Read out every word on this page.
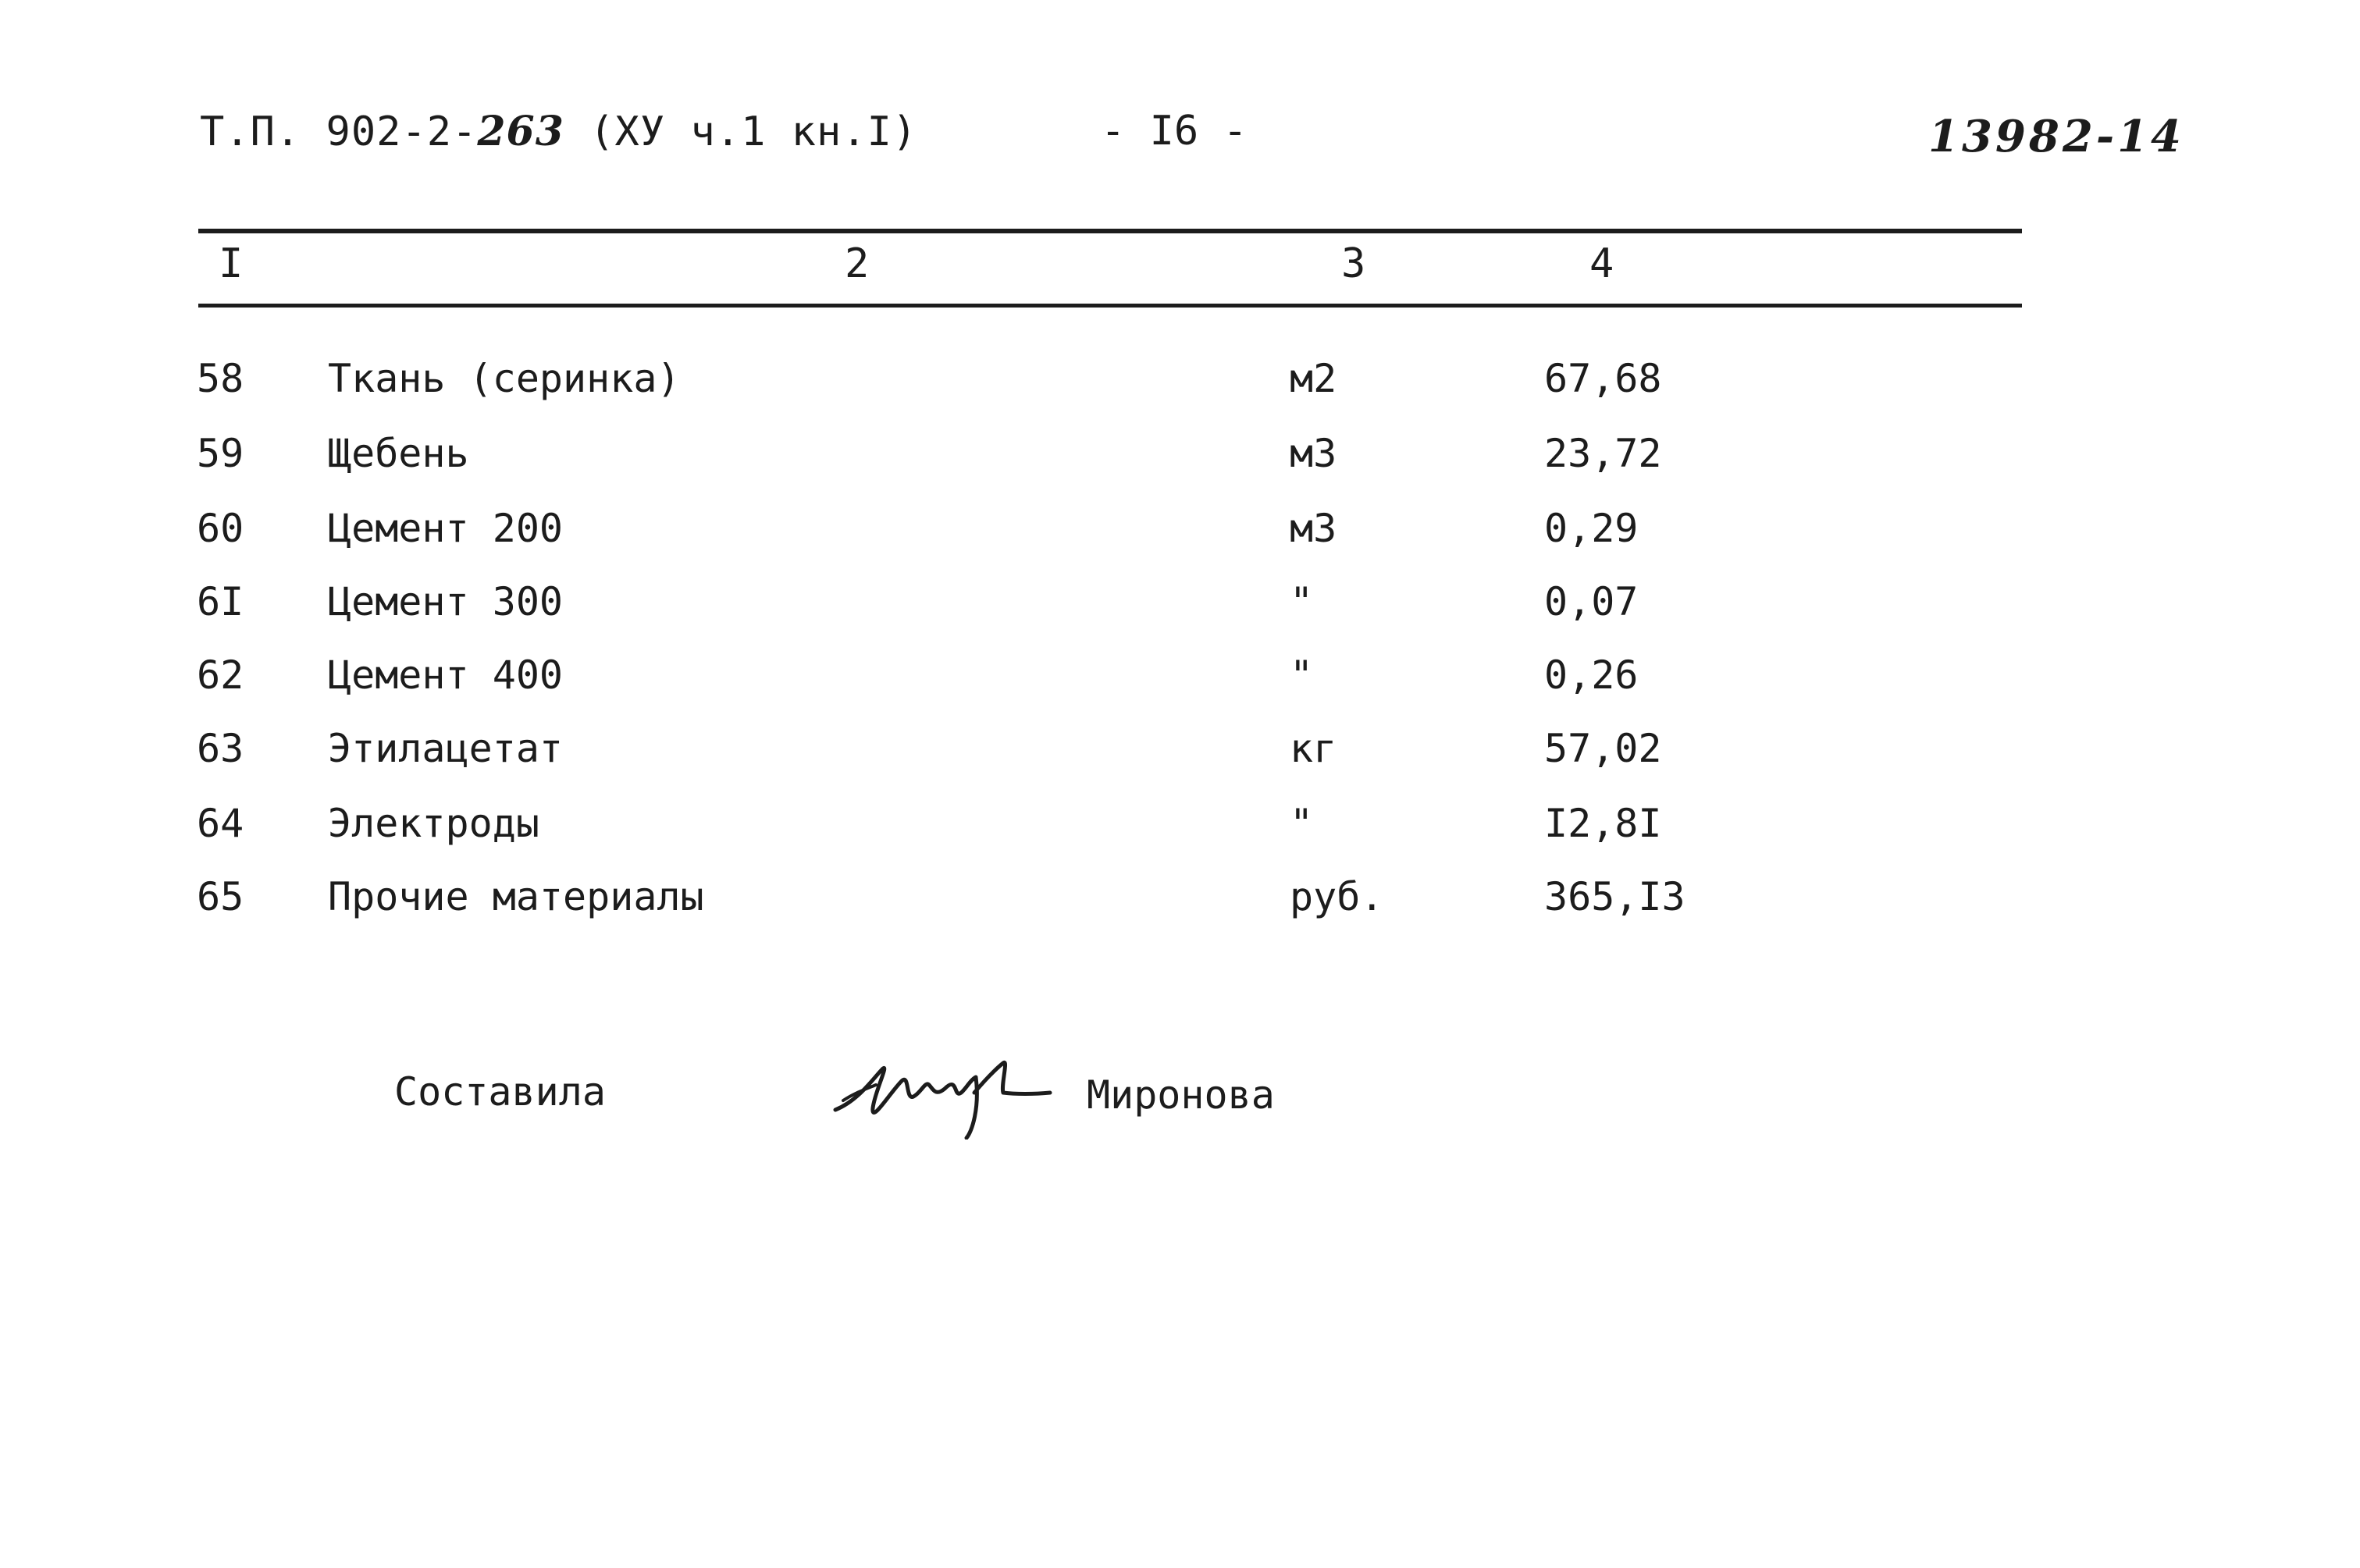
Т.П. 902-2-263 (ХУ ч.1 кн.I)	- I6 -	13982-14
I	2	3	4
58 Ткань (серинка)	м2	67,68
59 Щебень	м3	23,72
60 Цемент 200	м3	0,29
6I Цемент 300	"	0,07
62 Цемент 400	"	0,26
63 Этилацетат	кг	57,02
64 Электроды	"	I2,8I
65 Прочие материалы	руб.	365,I3
Составила	Миронова
